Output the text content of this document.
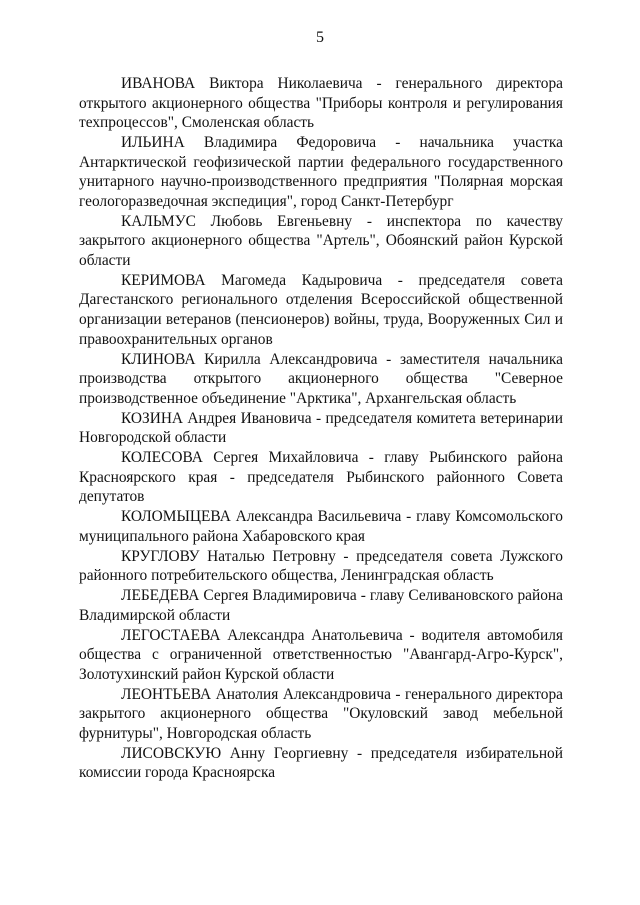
5

ИВАНОВА Виктора Николаевича - генерального директора открытого акционерного общества "Приборы контроля и регулирования техпроцессов", Смоленская область

ИЛЬИНА Владимира Федоровича - начальника участка Антарктической геофизической партии федерального государственного унитарного научно-производственного предприятия "Полярная морская геологоразведочная экспедиция", город Санкт-Петербург

КАЛЬМУС Любовь Евгеньевну - инспектора по качеству закрытого акционерного общества "Артель", Обоянский район Курской области

КЕРИМОВА Магомеда Кадыровича - председателя совета Дагестанского регионального отделения Всероссийской общественной организации ветеранов (пенсионеров) войны, труда, Вооруженных Сил и правоохранительных органов

КЛИНОВА Кирилла Александровича - заместителя начальника производства открытого акционерного общества "Северное производственное объединение "Арктика", Архангельская область

КОЗИНА Андрея Ивановича - председателя комитета ветеринарии Новгородской области

КОЛЕСОВА Сергея Михайловича - главу Рыбинского района Красноярского края - председателя Рыбинского районного Совета депутатов

КОЛОМЫЦЕВА Александра Васильевича - главу Комсомольского муниципального района Хабаровского края

КРУГЛОВУ Наталью Петровну - председателя совета Лужского районного потребительского общества, Ленинградская область

ЛЕБЕДЕВА Сергея Владимировича - главу Селивановского района Владимирской области

ЛЕГОСТАЕВА Александра Анатольевича - водителя автомобиля общества с ограниченной ответственностью "Авангард-Агро-Курск", Золотухинский район Курской области

ЛЕОНТЬЕВА Анатолия Александровича - генерального директора закрытого акционерного общества "Окуловский завод мебельной фурнитуры", Новгородская область

ЛИСОВСКУЮ Анну Георгиевну - председателя избирательной комиссии города Красноярска
